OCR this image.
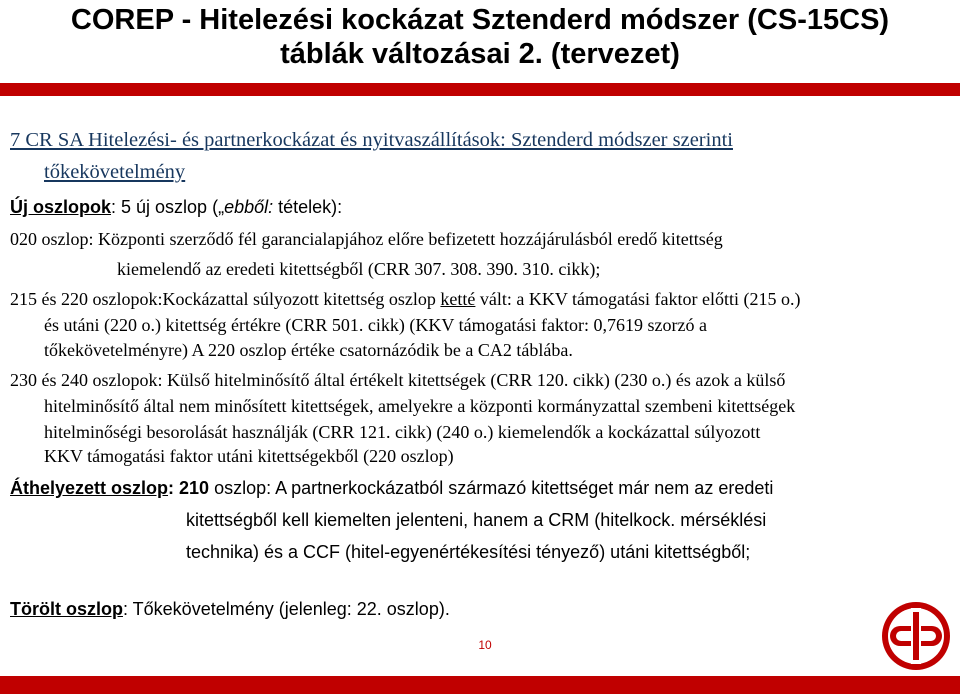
COREP - Hitelezési kockázat Sztenderd módszer (CS-15CS)
táblák változásai 2. (tervezet)
7 CR SA Hitelezési- és partnerkockázat és nyitvaszállítások: Sztenderd módszer szerinti
tőkekövetelmény
Új oszlopok: 5 új oszlop („ebből: tételek):
020 oszlop: Központi szerződő fél garancialapjához előre befizetett hozzájárulásból eredő kitettség
kiemelendő az eredeti kitettségből (CRR 307. 308. 390. 310. cikk);
215 és 220 oszlopok:Kockázattal súlyozott kitettség oszlop ketté vált: a KKV támogatási faktor előtti (215 o.)
és utáni (220 o.) kitettség értékre (CRR 501. cikk) (KKV támogatási faktor: 0,7619 szorzó a
tőkekövetelményre) A 220 oszlop értéke csatornázódik be a CA2 táblába.
230 és 240 oszlopok: Külső hitelminősítő által értékelt kitettségek (CRR 120. cikk) (230 o.) és azok a külső
hitelminősítő által nem minősített kitettségek, amelyekre a központi kormányzattal szembeni kitettségek
hitelminőségi besorolását használják (CRR 121. cikk) (240 o.) kiemelendők a kockázattal súlyozott
KKV támogatási faktor utáni kitettségekből (220 oszlop)
Áthelyezett oszlop: 210 oszlop: A partnerkockázatból származó kitettséget már nem az eredeti
kitettségből kell kiemelten jelenteni, hanem a CRM (hitelkock. mérséklési
technika) és a CCF (hitel-egyenértékesítési tényező) utáni kitettségből;
Törölt oszlop: Tőkekövetelmény (jelenleg: 22. oszlop).
10
